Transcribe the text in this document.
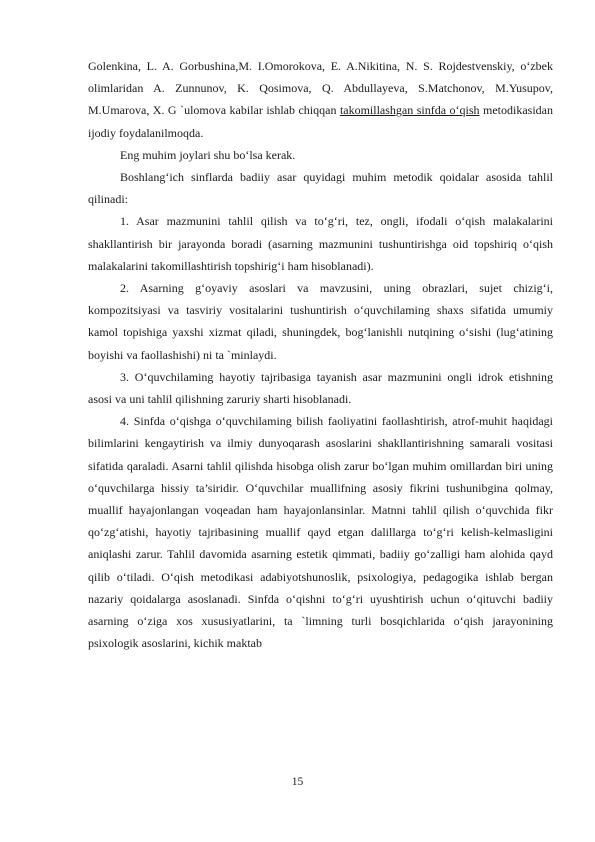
Golenkina, L. A. Gorbushina,M. I.Omorokova, E. A.Nikitina, N. S. Rojdestvenskiy, o‘zbek olimlaridan A. Zunnunov, K. Qosimova, Q. Abdullayeva, S.Matchonov, M.Yusupov, M.Umarova, X. G `ulomova kabilar ishlab chiqqan takomillashgan sinfda o‘qish metodikasidan ijodiy foydalanilmoqda.

Eng muhim joylari shu bo‘lsa kerak.

Boshlang‘ich sinflarda badiiy asar quyidagi muhim metodik qoidalar asosida tahlil qilinadi:

1. Asar mazmunini tahlil qilish va to‘g‘ri, tez, ongli, ifodali o‘qish malakalarini shakllantirish bir jarayonda boradi (asarning mazmunini tushuntirishga oid topshiriq o‘qish malakalarini takomillashtirish topshirig‘i ham hisoblanadi).

2. Asarning g‘oyaviy asoslari va mavzusini, uning obrazlari, sujet chizig‘i, kompozitsiyasi va tasviriy vositalarini tushuntirish o‘quvchilaming shaxs sifatida umumiy kamol topishiga yaxshi xizmat qiladi, shuningdek, bog‘lanishli nutqining o‘sishi (lug‘atining boyishi va faollashishi) ni ta `minlaydi.

3. O‘quvchilaming hayotiy tajribasiga tayanish asar mazmunini ongli idrok etishning asosi va uni tahlil qilishning zaruriy sharti hisoblanadi.

4. Sinfda o‘qishga o‘quvchilaming bilish faoliyatini faollashtirish, atrof-muhit haqidagi bilimlarini kengaytirish va ilmiy dunyoqarash asoslarini shakllantirishning samarali vositasi sifatida qaraladi. Asarni tahlil qilishda hisobga olish zarur bo‘lgan muhim omillardan biri uning o‘quvchilarga hissiy ta’siridir. O‘quvchilar muallifning asosiy fikrini tushunibgina qolmay, muallif hayajonlangan voqeadan ham hayajonlansinlar. Matnni tahlil qilish o‘quvchida fikr qo‘zg‘atishi, hayotiy tajribasining muallif qayd etgan dalillarga to‘g‘ri kelish-kelmasligini aniqlashi zarur. Tahlil davomida asarning estetik qimmati, badiiy go‘zalligi ham alohida qayd qilib o‘tiladi. O‘qish metodikasi adabiyotshunoslik, psixologiya, pedagogika ishlab bergan nazariy qoidalarga asoslanadi. Sinfda o‘qishni to‘g‘ri uyushtirish uchun o‘qituvchi badiiy asarning o‘ziga xos xususiyatlarini, ta `limning turli bosqichlarida o‘qish jarayonining psixologik asoslarini, kichik maktab

15
